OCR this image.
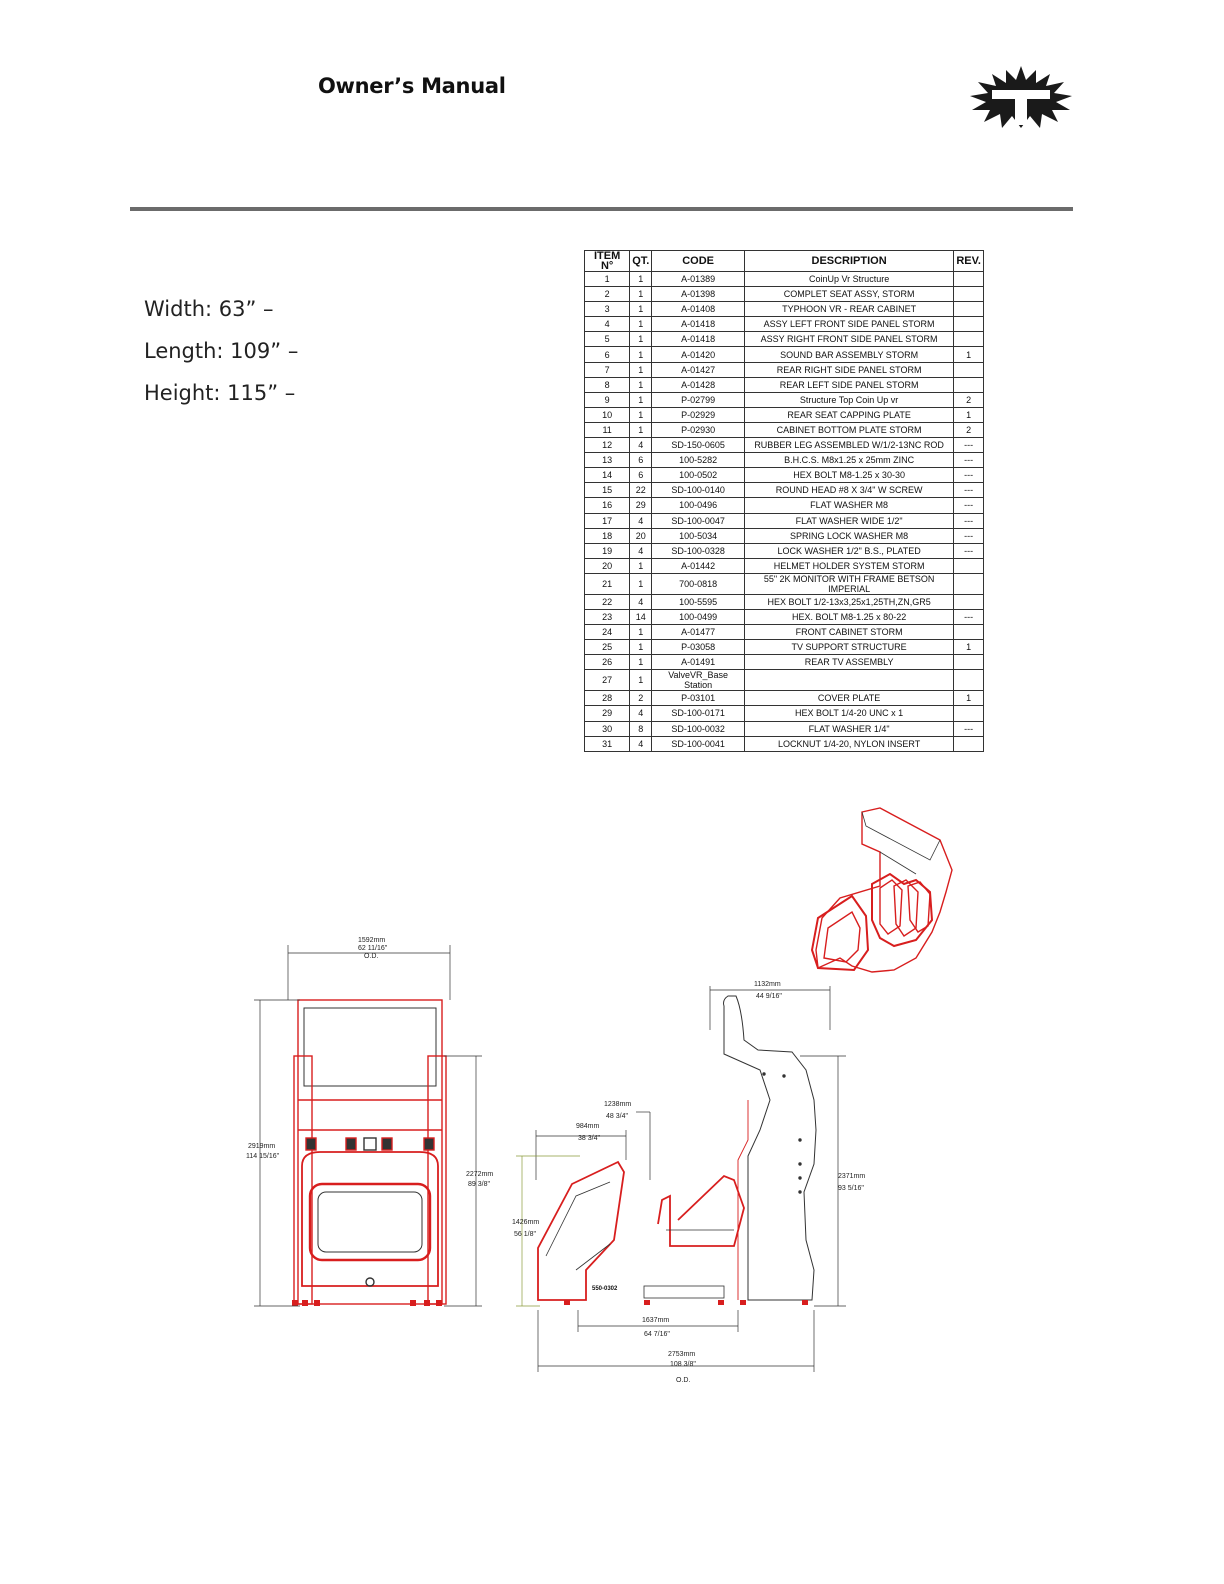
Owner’s Manual
Width: 63” –
Length: 109” –
Height: 115” –
ITEM N°	QT.	CODE	DESCRIPTION	REV.
1	1	A-01389	CoinUp Vr Structure	
2	1	A-01398	COMPLET SEAT ASSY, STORM	
3	1	A-01408	TYPHOON VR - REAR CABINET	
4	1	A-01418	ASSY LEFT FRONT SIDE PANEL STORM	
5	1	A-01418	ASSY RIGHT FRONT SIDE PANEL STORM	
6	1	A-01420	SOUND BAR ASSEMBLY STORM	1
7	1	A-01427	REAR RIGHT SIDE PANEL STORM	
8	1	A-01428	REAR LEFT SIDE PANEL STORM	
9	1	P-02799	Structure Top Coin Up vr	2
10	1	P-02929	REAR SEAT CAPPING PLATE	1
11	1	P-02930	CABINET BOTTOM PLATE STORM	2
12	4	SD-150-0605	RUBBER LEG ASSEMBLED W/1/2-13NC ROD	---
13	6	100-5282	B.H.C.S. M8x1.25 x 25mm ZINC	---
14	6	100-0502	HEX BOLT M8-1.25 x 30-30	---
15	22	SD-100-0140	ROUND HEAD #8 X 3/4" W SCREW	---
16	29	100-0496	FLAT WASHER M8	---
17	4	SD-100-0047	FLAT WASHER WIDE 1/2"	---
18	20	100-5034	SPRING LOCK WASHER M8	---
19	4	SD-100-0328	LOCK WASHER 1/2" B.S., PLATED	---
20	1	A-01442	HELMET HOLDER SYSTEM STORM	
21	1	700-0818	55" 2K MONITOR WITH FRAME BETSON IMPERIAL	
22	4	100-5595	HEX BOLT 1/2-13x3,25x1,25TH,ZN,GR5	
23	14	100-0499	HEX. BOLT M8-1.25 x 80-22	---
24	1	A-01477	FRONT CABINET STORM	
25	1	P-03058	TV SUPPORT STRUCTURE	1
26	1	A-01491	REAR TV ASSEMBLY	
27	1	ValveVR_Base Station		
28	2	P-03101	COVER PLATE	1
29	4	SD-100-0171	HEX BOLT 1/4-20 UNC x 1	
30	8	SD-100-0032	FLAT WASHER 1/4"	---
31	4	SD-100-0041	LOCKNUT 1/4-20, NYLON INSERT	
1592mm
62 11/16"
O.D.
2919mm
114 15/16"
2272mm
89 3/8"
550-0302
1132mm
44 9/16"
1238mm
48 3/4"
984mm
38 3/4"
1426mm
56 1/8"
2371mm
93 5/16"
1637mm
64 7/16"
2753mm
108 3/8"
O.D.
